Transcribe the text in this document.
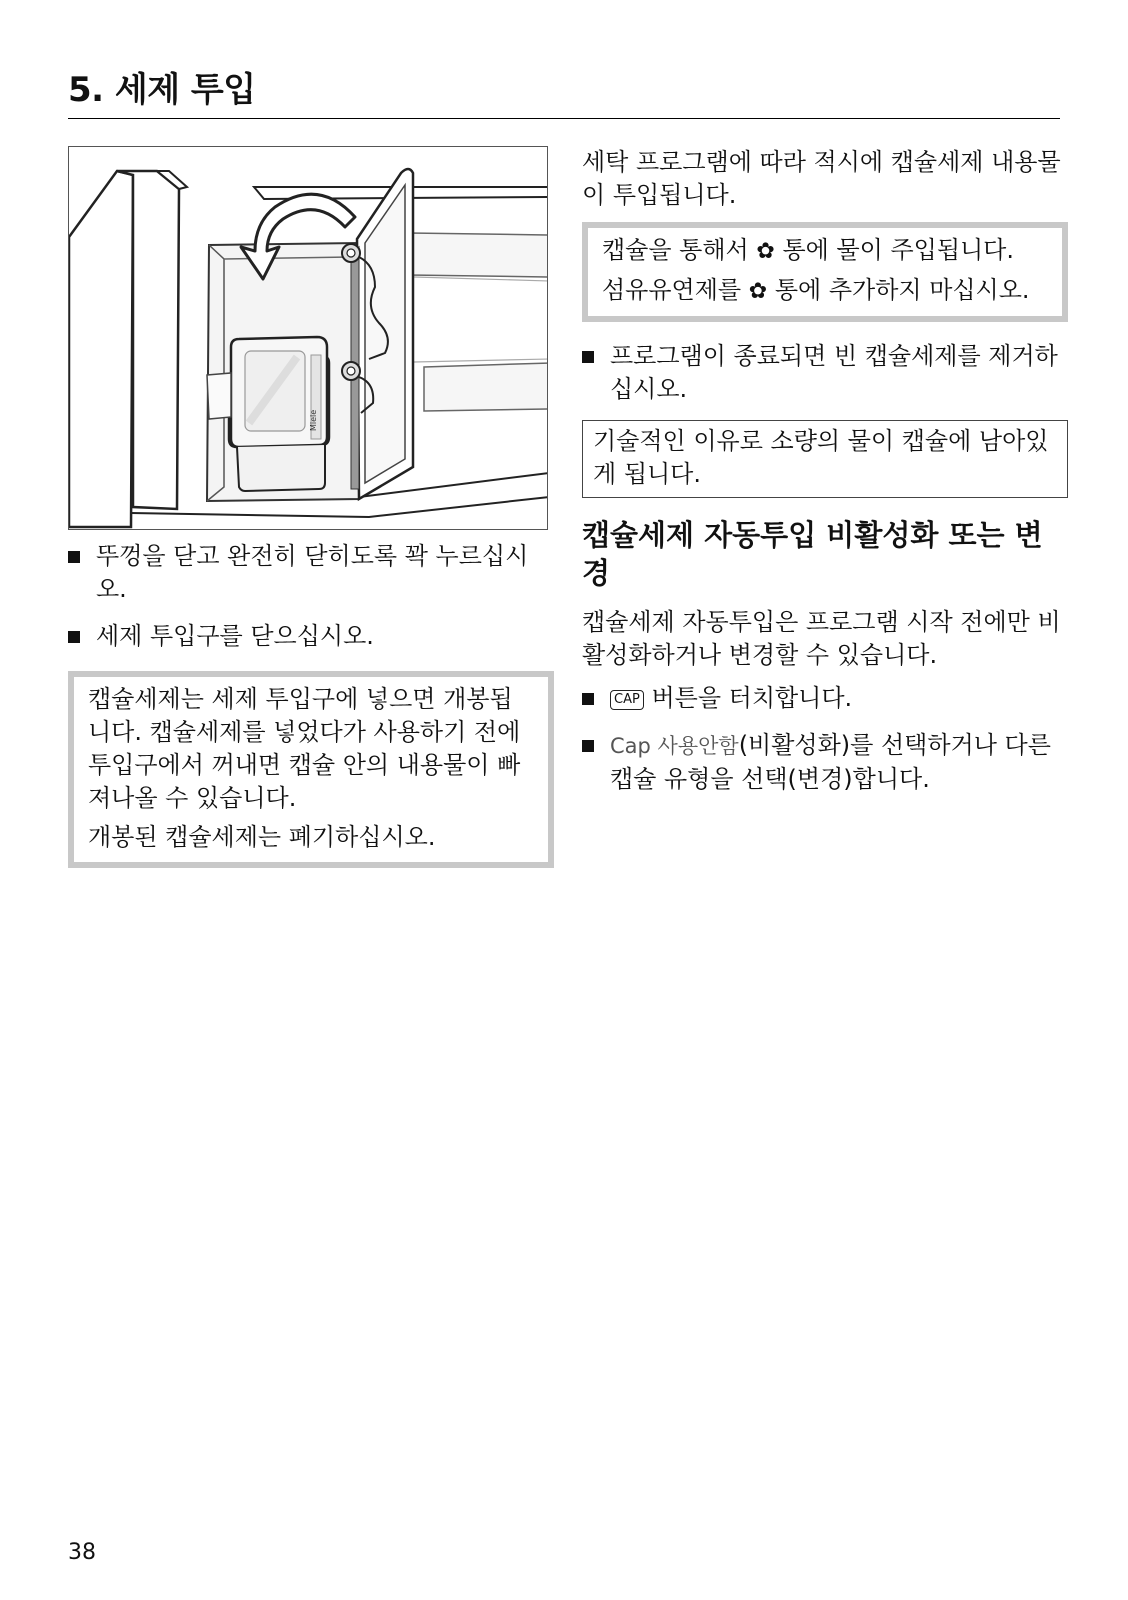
5. 세제 투입
Miele
뚜껑을 닫고 완전히 닫히도록 꽉 누르십시오.
세제 투입구를 닫으십시오.

캡슐세제는 세제 투입구에 넣으면 개봉됩니다. 캡슐세제를 넣었다가 사용하기 전에 투입구에서 꺼내면 캡슐 안의 내용물이 빠져나올 수 있습니다.

개봉된 캡슐세제는 폐기하십시오.

세탁 프로그램에 따라 적시에 캡슐세제 내용물이 투입됩니다.

캡슐을 통해서 ✿ 통에 물이 주입됩니다.

섬유유연제를 ✿ 통에 추가하지 마십시오.

프로그램이 종료되면 빈 캡슐세제를 제거하십시오.
기술적인 이유로 소량의 물이 캡슐에 남아있게 됩니다.
캡슐세제 자동투입 비활성화 또는 변경
캡슐세제 자동투입은 프로그램 시작 전에만 비활성화하거나 변경할 수 있습니다.
CAP 버튼을 터치합니다.
Cap 사용안함(비활성화)를 선택하거나 다른 캡슐 유형을 선택(변경)합니다.
38
